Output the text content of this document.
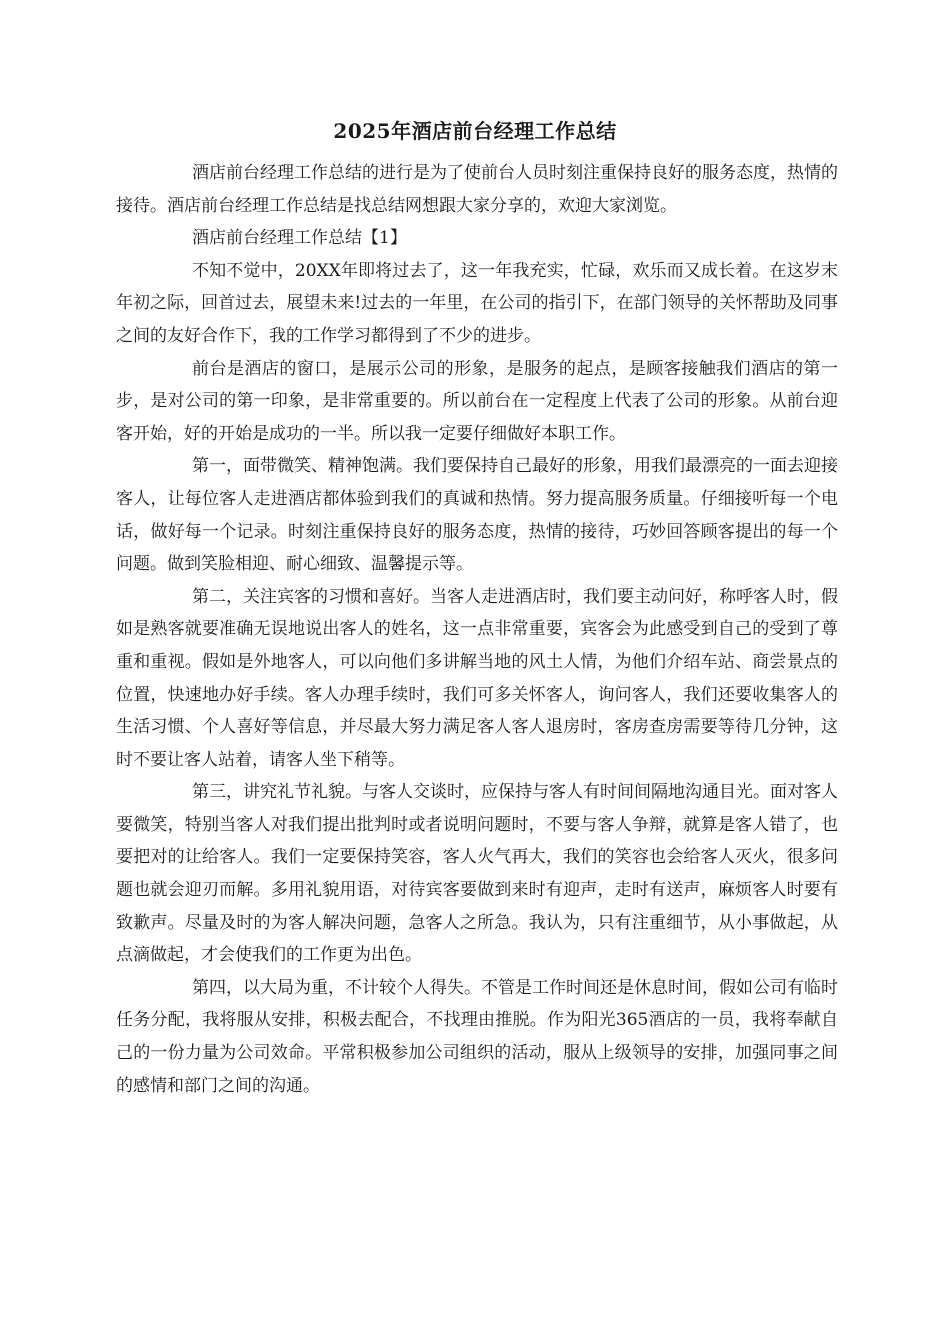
2025年酒店前台经理工作总结

酒店前台经理工作总结的进行是为了使前台人员时刻注重保持良好的服务态度，热情的接待。酒店前台经理工作总结是找总结网想跟大家分享的，欢迎大家浏览。

酒店前台经理工作总结【1】

不知不觉中，20XX年即将过去了，这一年我充实，忙碌，欢乐而又成长着。在这岁末年初之际，回首过去，展望未来!过去的一年里，在公司的指引下，在部门领导的关怀帮助及同事之间的友好合作下，我的工作学习都得到了不少的进步。

前台是酒店的窗口，是展示公司的形象，是服务的起点，是顾客接触我们酒店的第一步，是对公司的第一印象，是非常重要的。所以前台在一定程度上代表了公司的形象。从前台迎客开始，好的开始是成功的一半。所以我一定要仔细做好本职工作。

第一，面带微笑、精神饱满。我们要保持自己最好的形象，用我们最漂亮的一面去迎接客人，让每位客人走进酒店都体验到我们的真诚和热情。努力提高服务质量。仔细接听每一个电话，做好每一个记录。时刻注重保持良好的服务态度，热情的接待，巧妙回答顾客提出的每一个问题。做到笑脸相迎、耐心细致、温馨提示等。

第二，关注宾客的习惯和喜好。当客人走进酒店时，我们要主动问好，称呼客人时，假如是熟客就要准确无误地说出客人的姓名，这一点非常重要，宾客会为此感受到自己的受到了尊重和重视。假如是外地客人，可以向他们多讲解当地的风土人情，为他们介绍车站、商尝景点的位置，快速地办好手续。客人办理手续时，我们可多关怀客人，询问客人，我们还要收集客人的生活习惯、个人喜好等信息，并尽最大努力满足客人客人退房时，客房查房需要等待几分钟，这时不要让客人站着，请客人坐下稍等。

第三，讲究礼节礼貌。与客人交谈时，应保持与客人有时间间隔地沟通目光。面对客人要微笑，特别当客人对我们提出批判时或者说明问题时，不要与客人争辩，就算是客人错了，也要把对的让给客人。我们一定要保持笑容，客人火气再大，我们的笑容也会给客人灭火，很多问题也就会迎刃而解。多用礼貌用语，对待宾客要做到来时有迎声，走时有送声，麻烦客人时要有致歉声。尽量及时的为客人解决问题，急客人之所急。我认为，只有注重细节，从小事做起，从点滴做起，才会使我们的工作更为出色。

第四，以大局为重，不计较个人得失。不管是工作时间还是休息时间，假如公司有临时任务分配，我将服从安排，积极去配合，不找理由推脱。作为阳光365酒店的一员，我将奉献自己的一份力量为公司效命。平常积极参加公司组织的活动，服从上级领导的安排，加强同事之间的感情和部门之间的沟通。
